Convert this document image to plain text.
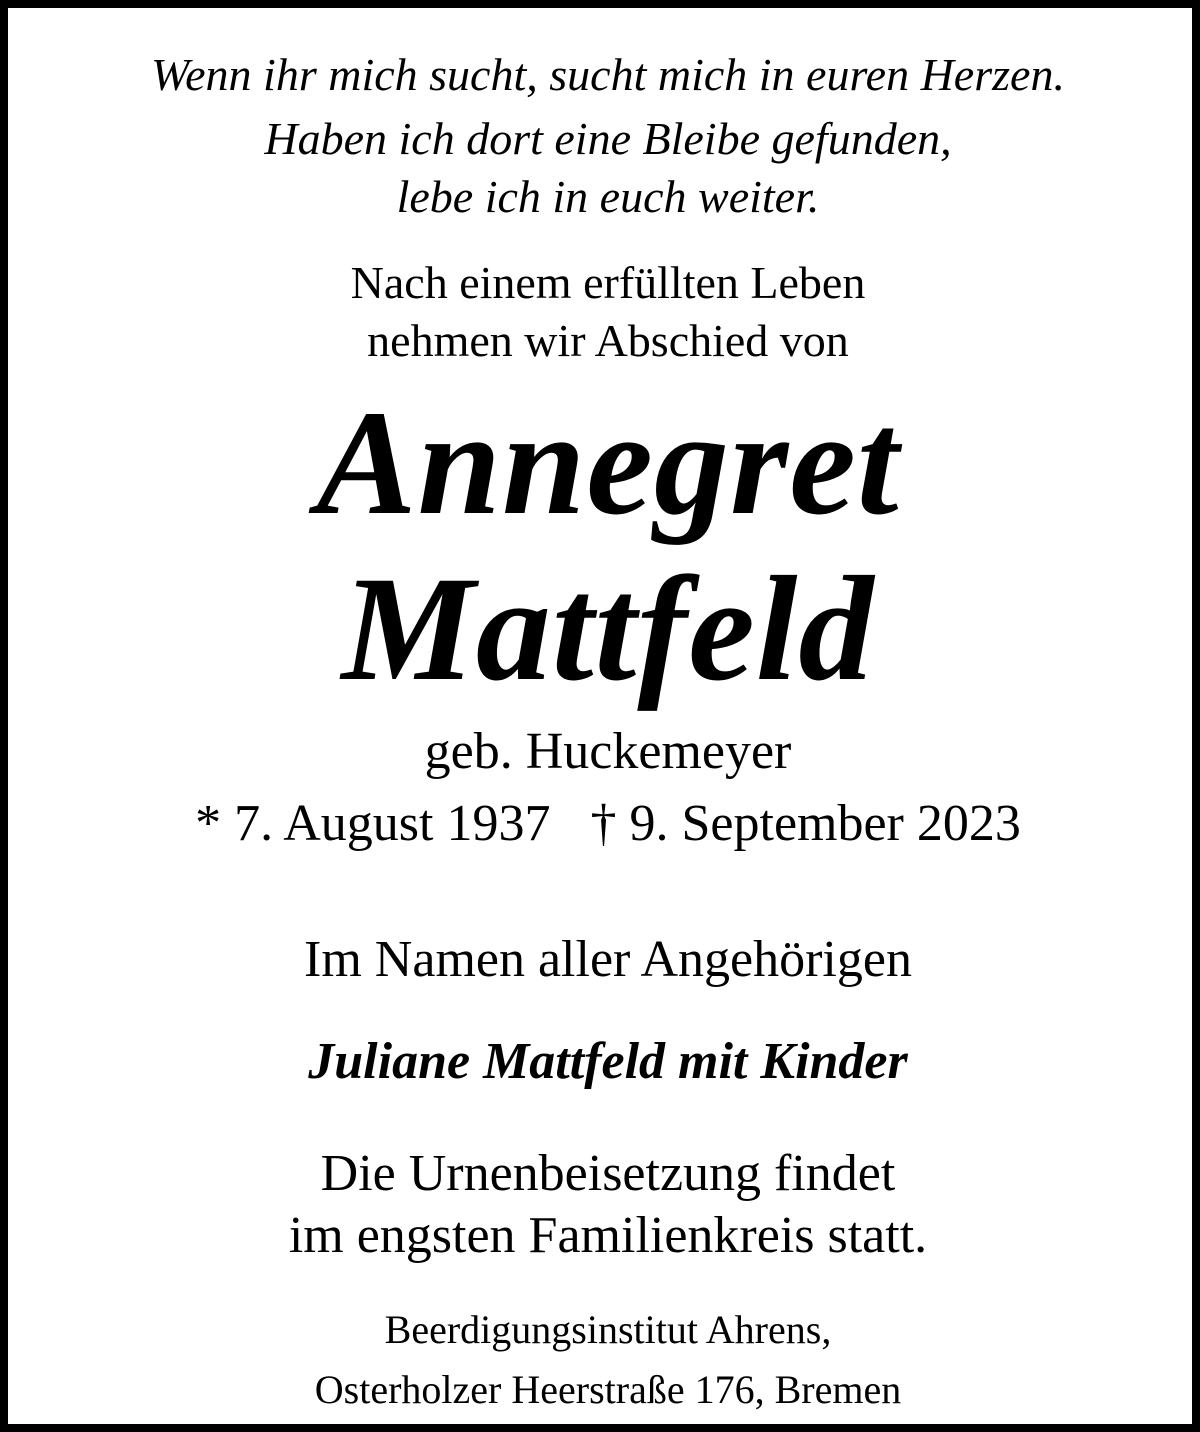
Wenn ihr mich sucht, sucht mich in euren Herzen.
Haben ich dort eine Bleibe gefunden,
lebe ich in euch weiter.
Nach einem erfüllten Leben
nehmen wir Abschied von
Annegret
Mattfeld
geb. Huckemeyer
* 7. August 1937 † 9. September 2023
Im Namen aller Angehörigen
Juliane Mattfeld mit Kinder
Die Urnenbeisetzung findet
im engsten Familienkreis statt.
Beerdigungsinstitut Ahrens,
Osterholzer Heerstraße 176, Bremen
